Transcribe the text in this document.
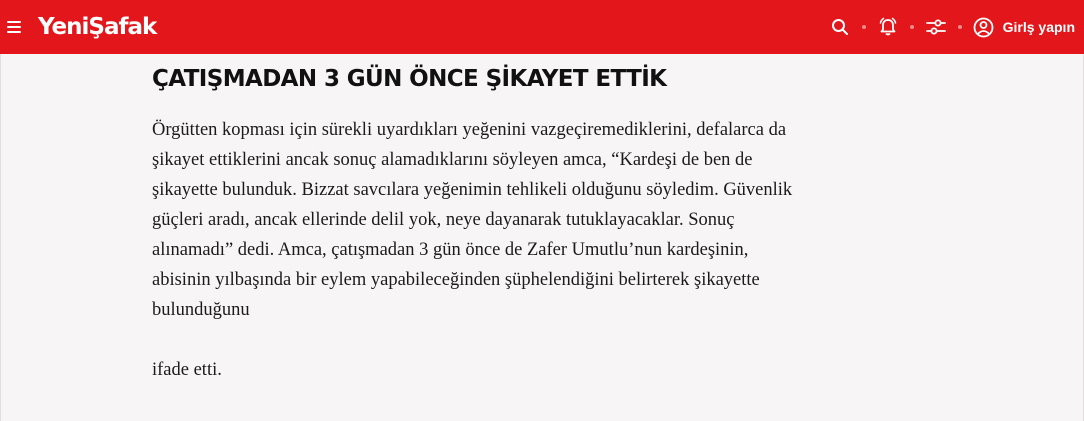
YeniŞafak	Girlş yapın
ÇATIŞMADAN 3 GÜN ÖNCE ŞİKAYET ETTİK

Örgütten kopması için sürekli uyardıkları yeğenini vazgeçiremediklerini, defalarca da şikayet ettiklerini ancak sonuç alamadıklarını söyleyen amca, “Kardeşi de ben de şikayette bulunduk. Bizzat savcılara yeğenimin tehlikeli olduğunu söyledim. Güvenlik güçleri aradı, ancak ellerinde delil yok, neye dayanarak tutuklayacaklar. Sonuç alınamadı” dedi. Amca, çatışmadan 3 gün önce de Zafer Umutlu’nun kardeşinin, abisinin yılbaşında bir eylem yapabileceğinden şüphelendiğini belirterek şikayette bulunduğunu

ifade etti.
